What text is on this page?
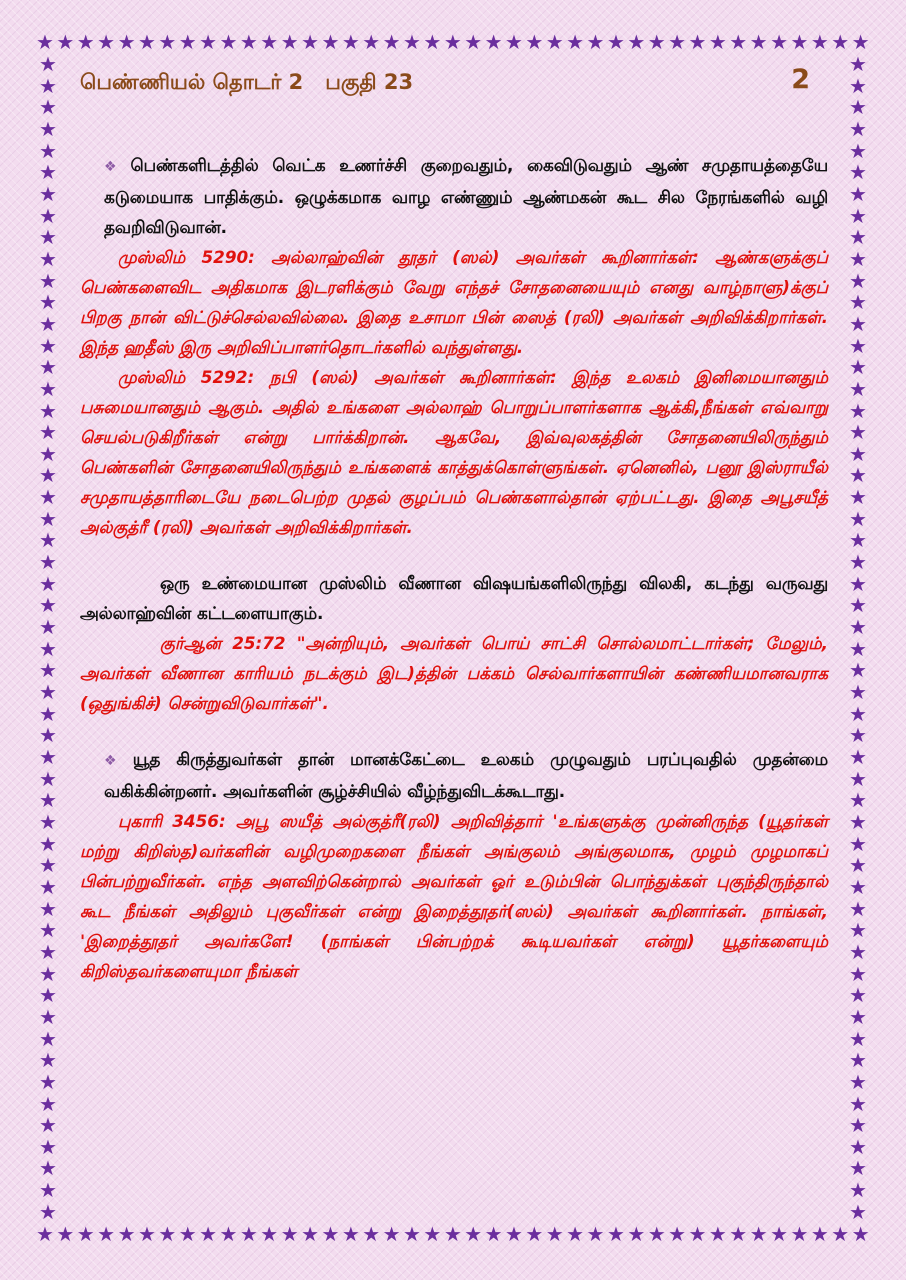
★ ★ ★ ★ ★ ★ ★ ★ ★ ★ ★ ★ ★ ★ ★ ★ ★ ★ ★ ★ ★ ★ ★ ★ ★ ★ ★ ★ ★ ★ ★ ★ ★ ★ ★ ★ ★ ★ ★ ★ ★
★ ★ ★ ★ ★ ★ ★ ★ ★ ★ ★ ★ ★ ★ ★ ★ ★ ★ ★ ★ ★ ★ ★ ★ ★ ★ ★ ★ ★ ★ ★ ★ ★ ★ ★ ★ ★ ★ ★ ★ ★
★
★
★
★
★
★
★
★
★
★
★
★
★
★
★
★
★
★
★
★
★
★
★
★
★
★
★
★
★
★
★
★
★
★
★
★
★
★
★
★
★
★
★
★
★
★
★
★
★
★
★
★
★
★
★
★
★
★
★
★
★
★
★
★
★
★
★
★
★
★
★
★
★
★
★
★
★
★
★
★
★
★
★
★
★
★
★
★
★
★
★
★
★
★
★
★
★
★
★
★
★
★
★
★
★
★
★
★
பெண்ணியல் தொடர் 2   பகுதி 23	2

❖ பெண்களிடத்தில் வெட்க உணர்ச்சி குறைவதும், கைவிடுவதும் ஆண் சமுதாயத்தையே கடுமையாக பாதிக்கும். ஒழுக்கமாக வாழ எண்ணும் ஆண்மகன் கூட சில நேரங்களில் வழி தவறிவிடுவான்.

முஸ்லிம் 5290: அல்லாஹ்வின் தூதர் (ஸல்) அவர்கள் கூறினார்கள்: ஆண்களுக்குப் பெண்களைவிட அதிகமாக இடரளிக்கும் வேறு எந்தச் சோதனையையும் எனது வாழ்நாளு)க்குப் பிறகு நான் விட்டுச்செல்லவில்லை. இதை உசாமா பின் ஸைத் (ரலி) அவர்கள் அறிவிக்கிறார்கள். இந்த ஹதீஸ் இரு அறிவிப்பாளர்தொடர்களில் வந்துள்ளது.

முஸ்லிம் 5292: நபி (ஸல்) அவர்கள் கூறினார்கள்: இந்த உலகம் இனிமையானதும் பசுமையானதும் ஆகும். அதில் உங்களை அல்லாஹ் பொறுப்பாளர்களாக ஆக்கி,நீங்கள் எவ்வாறு செயல்படுகிறீர்கள் என்று பார்க்கிறான். ஆகவே, இவ்வுலகத்தின் சோதனையிலிருந்தும் பெண்களின் சோதனையிலிருந்தும் உங்களைக் காத்துக்கொள்ளுங்கள். ஏனெனில், பனூ இஸ்ராயீல் சமுதாயத்தாரிடையே நடைபெற்ற முதல் குழப்பம் பெண்களால்தான் ஏற்பட்டது. இதை அபூசயீத் அல்குத்ரீ (ரலி) அவர்கள் அறிவிக்கிறார்கள்.

ஒரு உண்மையான முஸ்லிம் வீணான விஷயங்களிலிருந்து விலகி, கடந்து வருவது அல்லாஹ்வின் கட்டளையாகும்.

குர்ஆன் 25:72 "அன்றியும், அவர்கள் பொய் சாட்சி சொல்லமாட்டார்கள்; மேலும், அவர்கள் வீணான காரியம் நடக்கும் இட)த்தின் பக்கம் செல்வார்களாயின் கண்ணியமானவராக (ஒதுங்கிச்) சென்றுவிடுவார்கள்".

❖ யூத கிருத்துவர்கள் தான் மானக்கேட்டை உலகம் முழுவதும் பரப்புவதில் முதன்மை வகிக்கின்றனர். அவர்களின் சூழ்ச்சியில் வீழ்ந்துவிடக்கூடாது.

புகாரி 3456: அபூ ஸயீத் அல்குத்ரீ(ரலி) அறிவித்தார் 'உங்களுக்கு முன்னிருந்த (யூதர்கள் மற்று கிறிஸ்த)வர்களின் வழிமுறைகளை நீங்கள் அங்குலம் அங்குலமாக, முழம் முழமாகப் பின்பற்றுவீர்கள். எந்த அளவிற்கென்றால் அவர்கள் ஓர் உடும்பின் பொந்துக்கள் புகுந்திருந்தால் கூட நீங்கள் அதிலும் புகுவீர்கள் என்று இறைத்தூதர்(ஸல்) அவர்கள் கூறினார்கள். நாங்கள், 'இறைத்தூதர் அவர்களே! (நாங்கள் பின்பற்றக் கூடியவர்கள் என்று) யூதர்களையும் கிறிஸ்தவர்களையுமா நீங்கள்
